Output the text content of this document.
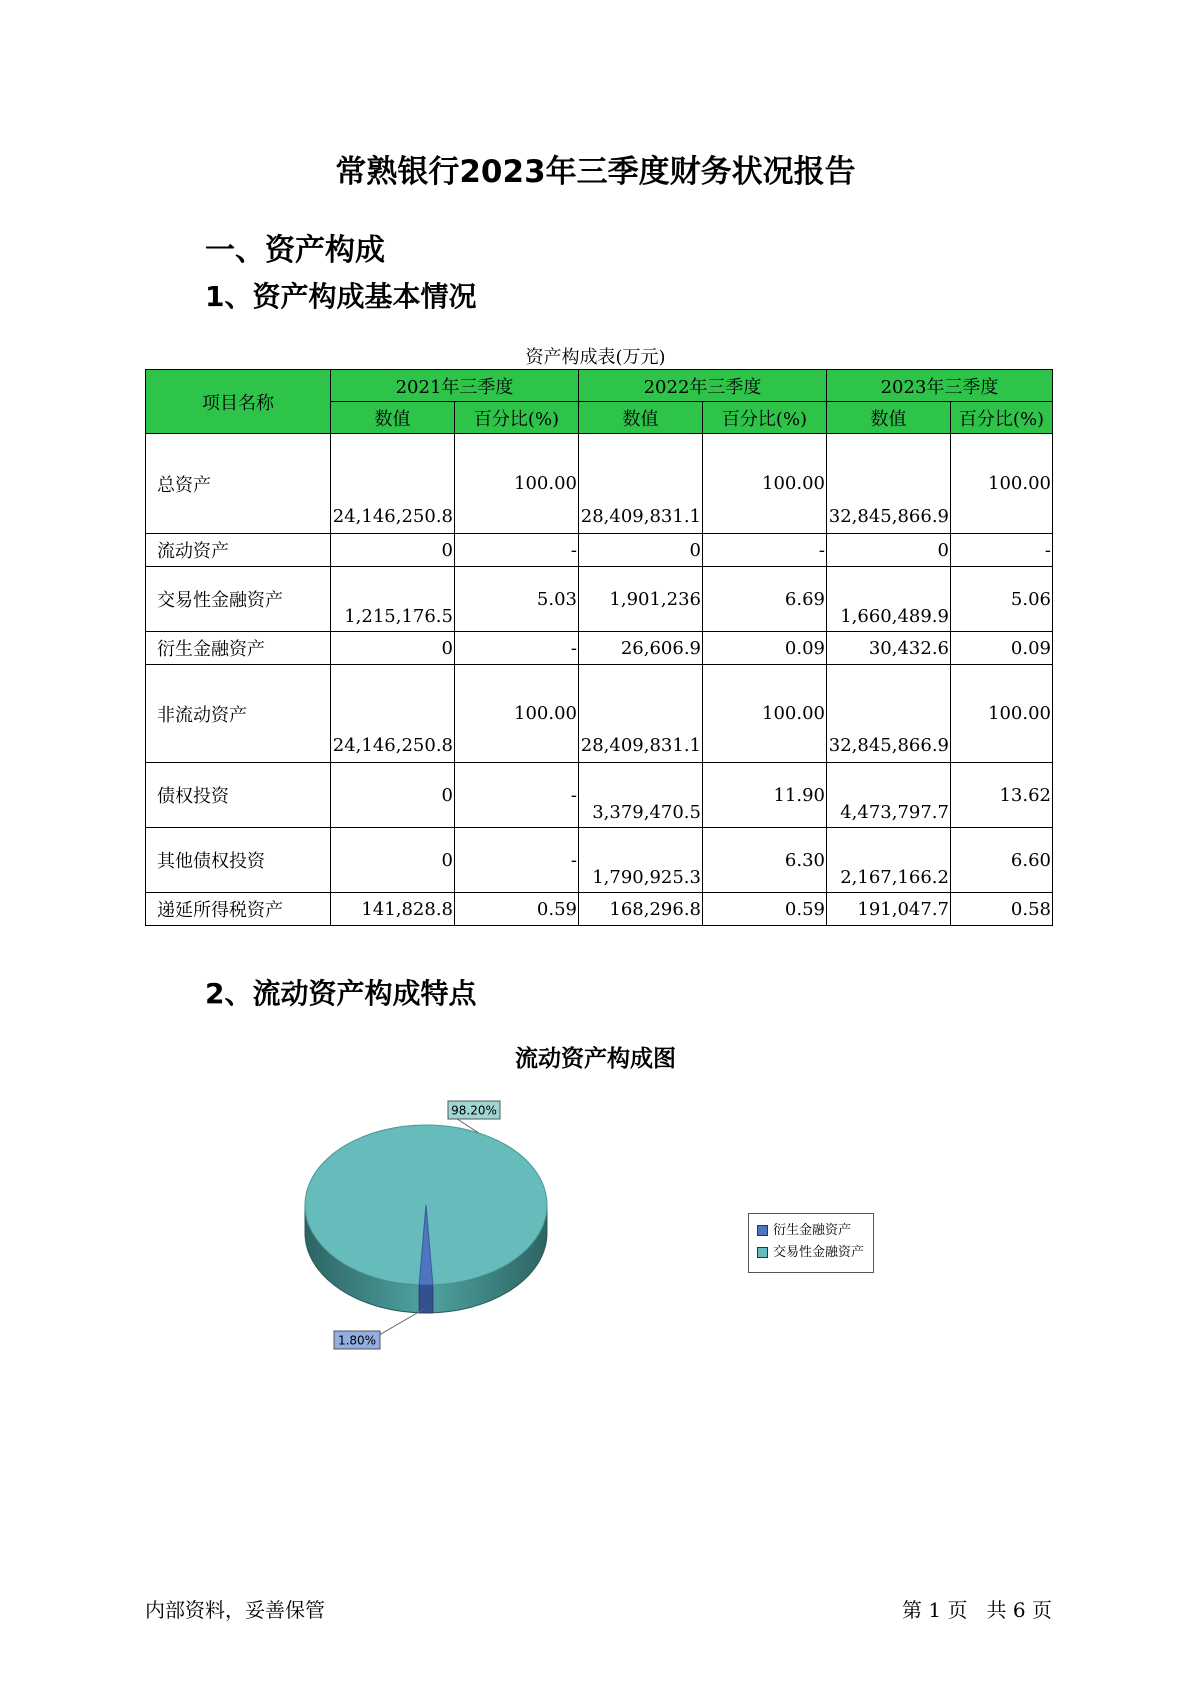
常熟银行2023年三季度财务状况报告
一、资产构成
1、资产构成基本情况
资产构成表(万元)
项目名称	2021年三季度		2022年三季度		2023年三季度	
	数值	百分比(%)	数值	百分比(%)	数值	百分比(%)
总资产	24,146,250.8	100.00	28,409,831.1	100.00	32,845,866.9	100.00
流动资产	0	-	0	-	0	-
交易性金融资产	1,215,176.5	5.03	1,901,236	6.69	1,660,489.9	5.06
衍生金融资产	0	-	26,606.9	0.09	30,432.6	0.09
非流动资产	24,146,250.8	100.00	28,409,831.1	100.00	32,845,866.9	100.00
债权投资	0	-	3,379,470.5	11.90	4,473,797.7	13.62
其他债权投资	0	-	1,790,925.3	6.30	2,167,166.2	6.60
递延所得税资产	141,828.8	0.59	168,296.8	0.59	191,047.7	0.58
2、流动资产构成特点
流动资产构成图
98.20%
1.80%
衍生金融资产
交易性金融资产
内部资料，妥善保管	第 1 页   共 6 页
